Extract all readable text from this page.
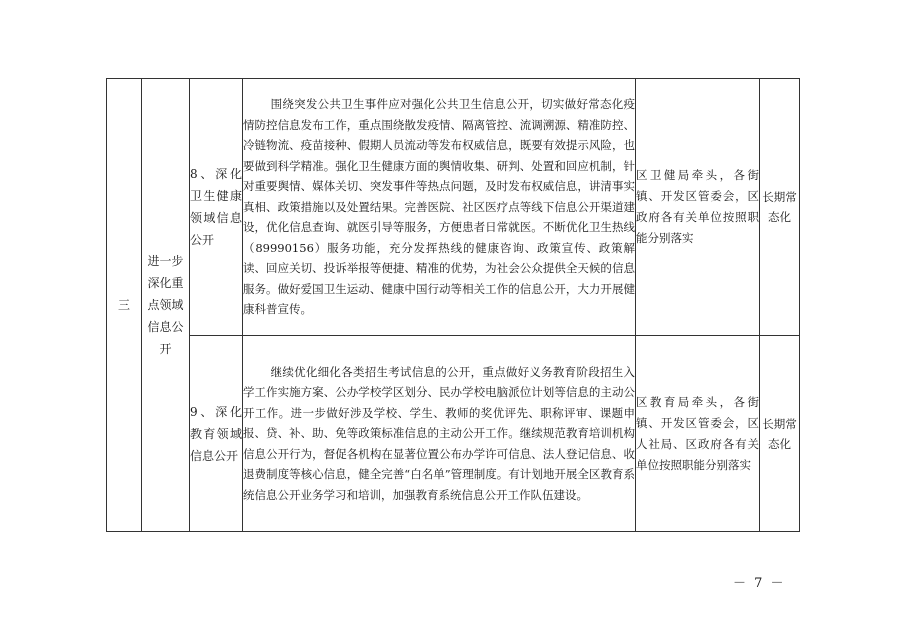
三	进一步深化重点领域信息公开	8、深化卫生健康领域信息公开	围绕突发公共卫生事件应对强化公共卫生信息公开，切实做好常态化疫情防控信息发布工作，重点围绕散发疫情、隔离管控、流调溯源、精准防控、冷链物流、疫苗接种、假期人员流动等发布权威信息，既要有效提示风险，也要做到科学精准。强化卫生健康方面的舆情收集、研判、处置和回应机制，针对重要舆情、媒体关切、突发事件等热点问题，及时发布权威信息，讲清事实真相、政策措施以及处置结果。完善医院、社区医疗点等线下信息公开渠道建设，优化信息查询、就医引导等服务，方便患者日常就医。不断优化卫生热线（89990156）服务功能，充分发挥热线的健康咨询、政策宣传、政策解读、回应关切、投诉举报等便捷、精准的优势，为社会公众提供全天候的信息服务。做好爱国卫生运动、健康中国行动等相关工作的信息公开，大力开展健康科普宣传。	区卫健局牵头，各街镇、开发区管委会，区政府各有关单位按照职能分别落实	长期常态化
		9、深化教育领域信息公开	继续优化细化各类招生考试信息的公开，重点做好义务教育阶段招生入学工作实施方案、公办学校学区划分、民办学校电脑派位计划等信息的主动公开工作。进一步做好涉及学校、学生、教师的奖优评先、职称评审、课题申报、贷、补、助、免等政策标准信息的主动公开工作。继续规范教育培训机构信息公开行为，督促各机构在显著位置公布办学许可信息、法人登记信息、收退费制度等核心信息，健全完善“白名单”管理制度。有计划地开展全区教育系统信息公开业务学习和培训，加强教育系统信息公开工作队伍建设。	区教育局牵头，各街镇、开发区管委会，区人社局、区政府各有关单位按照职能分别落实	长期常态化
－ 7 －
